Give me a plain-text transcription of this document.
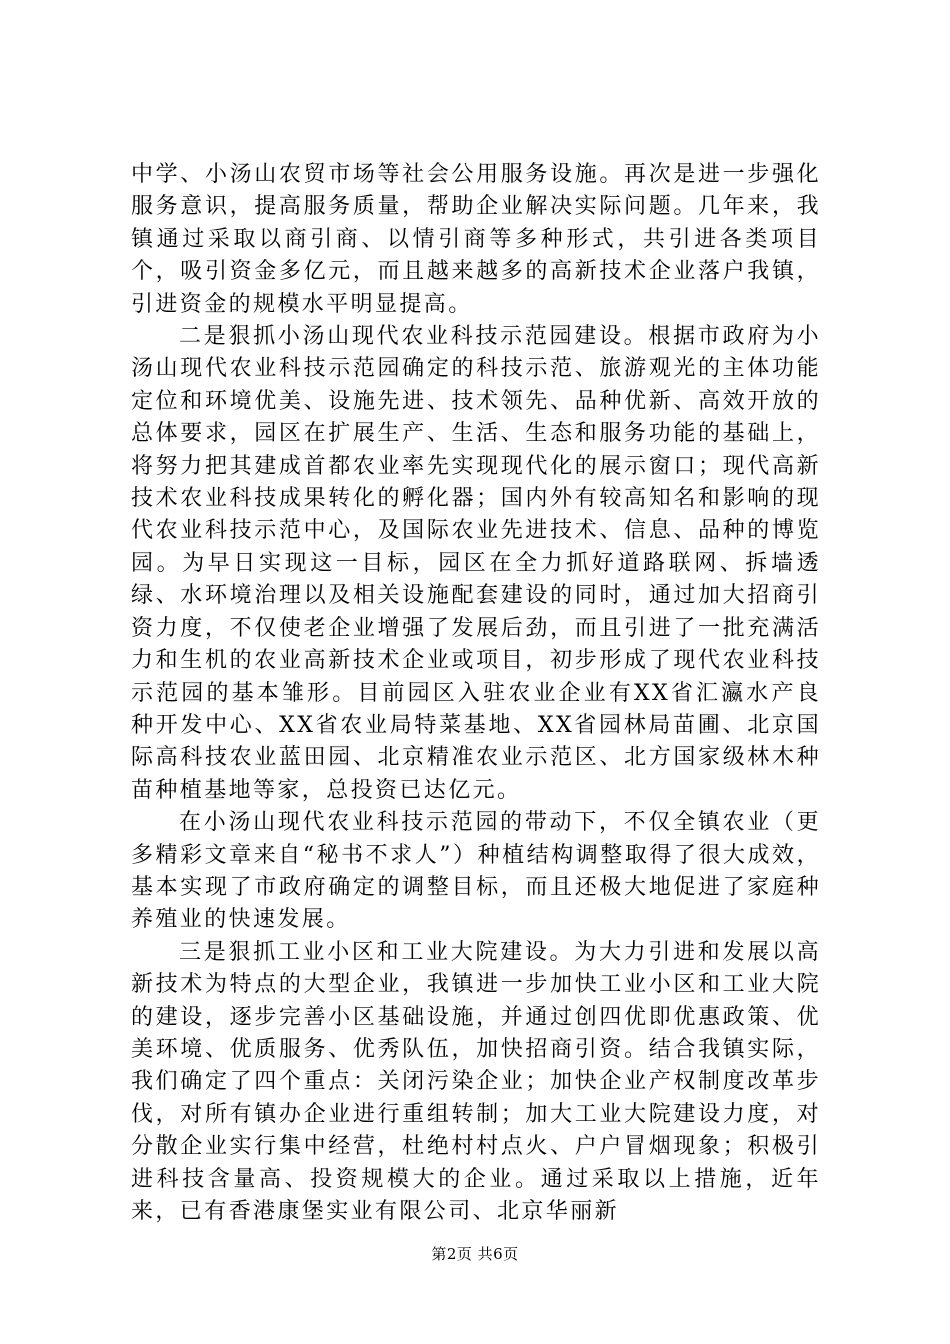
中学、小汤山农贸市场等社会公用服务设施。再次是进一步强化服务意识，提高服务质量，帮助企业解决实际问题。几年来，我镇通过采取以商引商、以情引商等多种形式，共引进各类项目个，吸引资金多亿元，而且越来越多的高新技术企业落户我镇，引进资金的规模水平明显提高。

二是狠抓小汤山现代农业科技示范园建设。根据市政府为小汤山现代农业科技示范园确定的科技示范、旅游观光的主体功能定位和环境优美、设施先进、技术领先、品种优新、高效开放的总体要求，园区在扩展生产、生活、生态和服务功能的基础上，将努力把其建成首都农业率先实现现代化的展示窗口；现代高新技术农业科技成果转化的孵化器；国内外有较高知名和影响的现代农业科技示范中心，及国际农业先进技术、信息、品种的博览园。为早日实现这一目标，园区在全力抓好道路联网、拆墙透绿、水环境治理以及相关设施配套建设的同时，通过加大招商引资力度，不仅使老企业增强了发展后劲，而且引进了一批充满活力和生机的农业高新技术企业或项目，初步形成了现代农业科技示范园的基本雏形。目前园区入驻农业企业有XX省汇瀛水产良种开发中心、XX省农业局特菜基地、XX省园林局苗圃、北京国际高科技农业蓝田园、北京精准农业示范区、北方国家级林木种苗种植基地等家，总投资已达亿元。

在小汤山现代农业科技示范园的带动下，不仅全镇农业（更多精彩文章来自“秘书不求人”）种植结构调整取得了很大成效，基本实现了市政府确定的调整目标，而且还极大地促进了家庭种养殖业的快速发展。

三是狠抓工业小区和工业大院建设。为大力引进和发展以高新技术为特点的大型企业，我镇进一步加快工业小区和工业大院的建设，逐步完善小区基础设施，并通过创四优即优惠政策、优美环境、优质服务、优秀队伍，加快招商引资。结合我镇实际，我们确定了四个重点：关闭污染企业；加快企业产权制度改革步伐，对所有镇办企业进行重组转制；加大工业大院建设力度，对分散企业实行集中经营，杜绝村村点火、户户冒烟现象；积极引进科技含量高、投资规模大的企业。通过采取以上措施，近年来，已有香港康堡实业有限公司、北京华丽新

第2页 共6页
